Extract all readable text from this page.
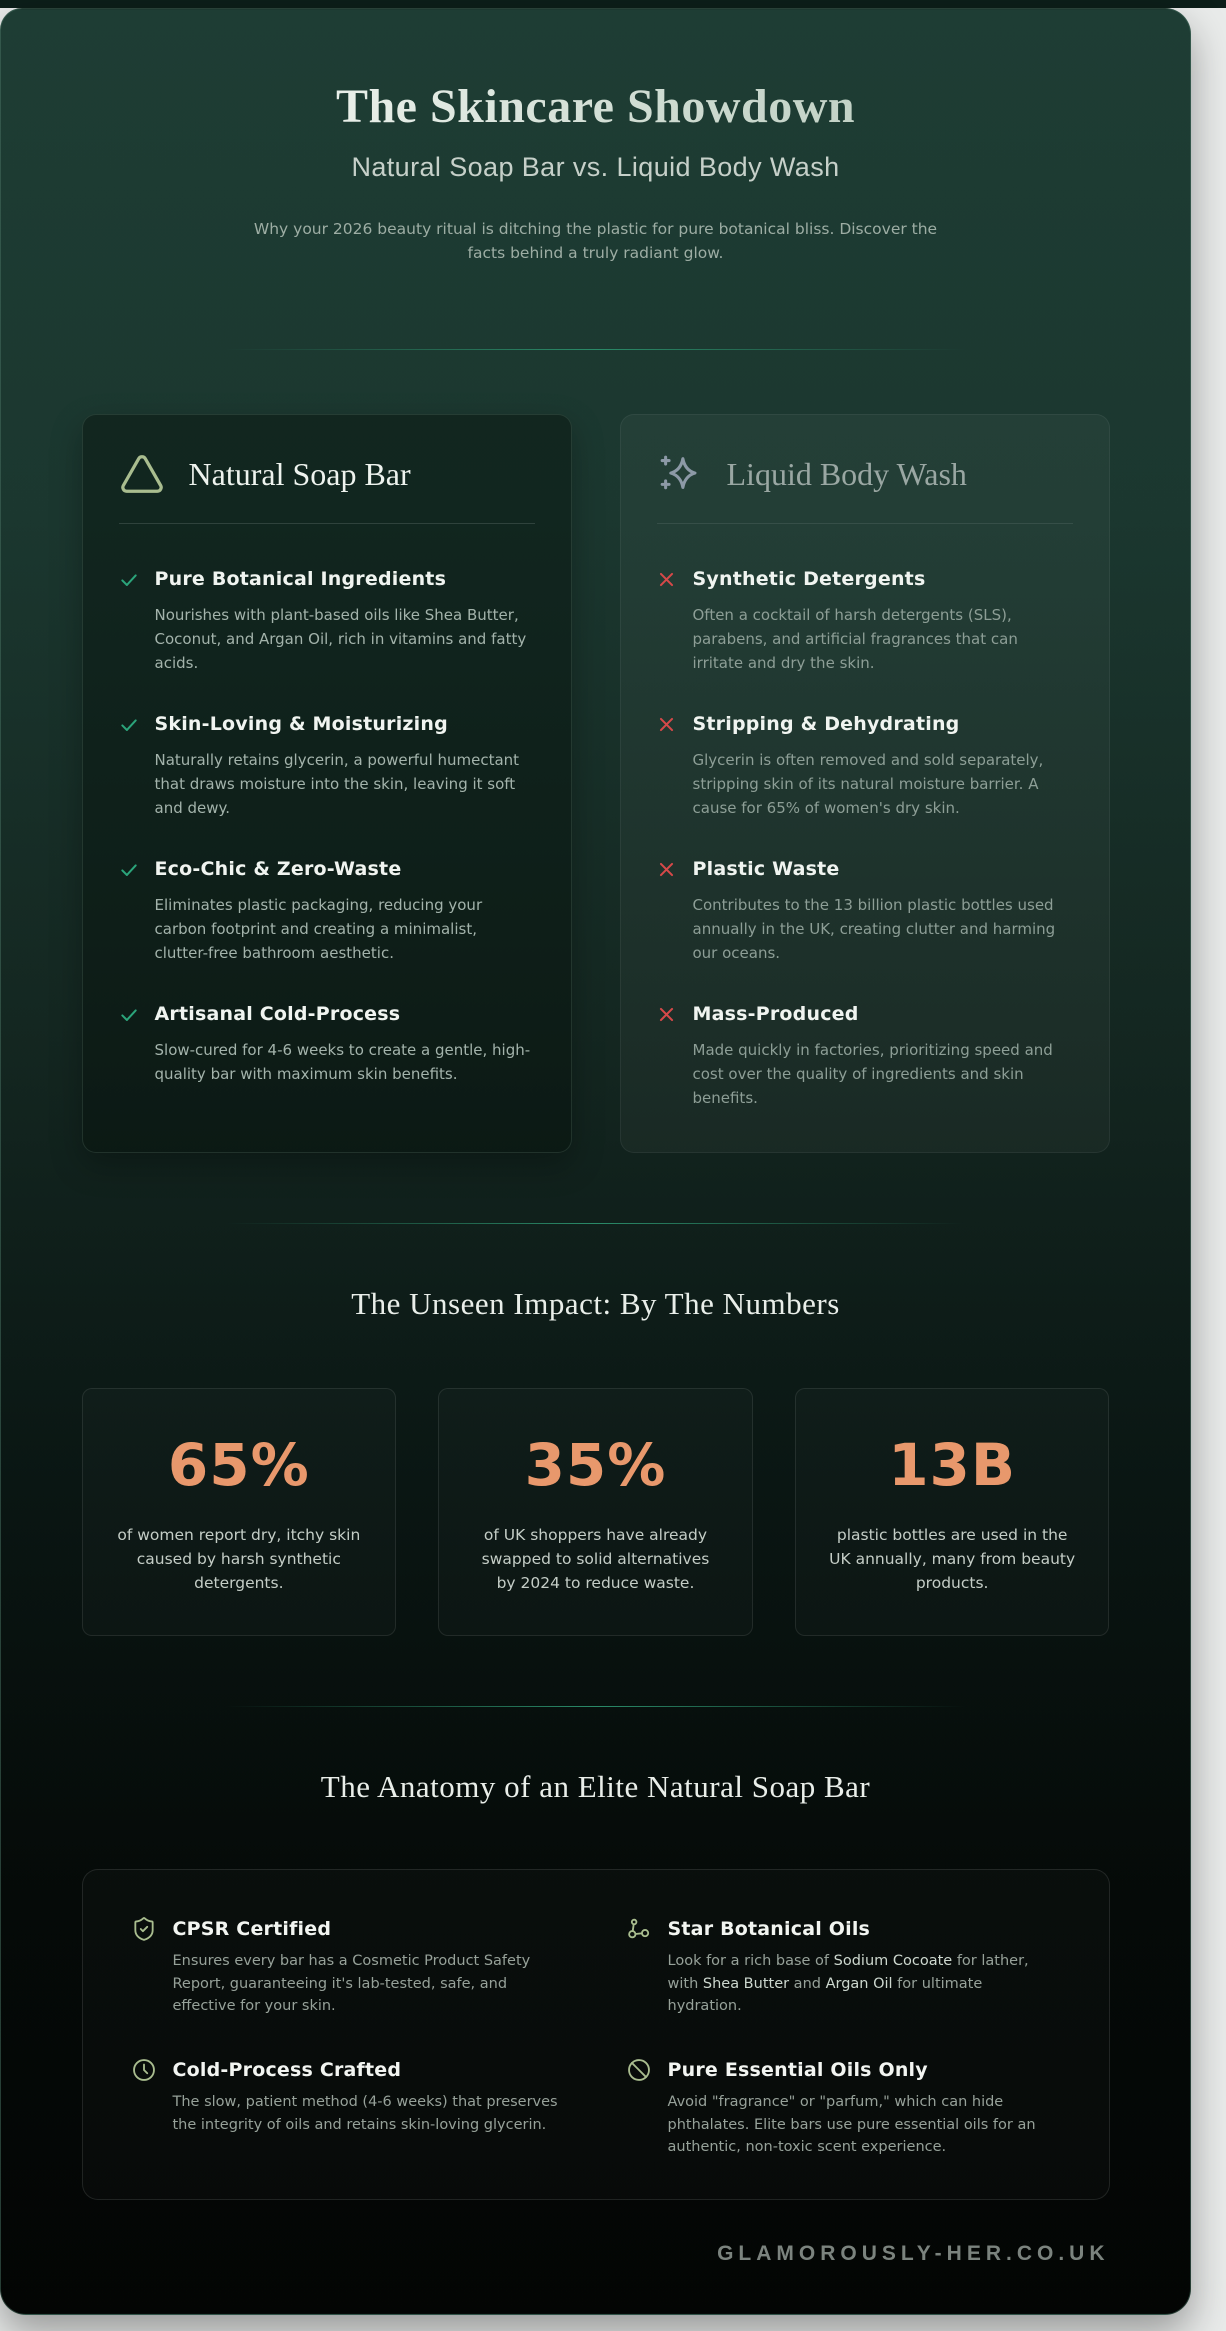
The Skincare Showdown
Natural Soap Bar vs. Liquid Body Wash

Why your 2026 beauty ritual is ditching the plastic for pure botanical bliss. Discover the facts behind a truly radiant glow.

Natural Soap Bar
Pure Botanical Ingredients
Nourishes with plant-based oils like Shea Butter, Coconut, and Argan Oil, rich in vitamins and fatty acids.
Skin-Loving & Moisturizing
Naturally retains glycerin, a powerful humectant that draws moisture into the skin, leaving it soft and dewy.
Eco-Chic & Zero-Waste
Eliminates plastic packaging, reducing your carbon footprint and creating a minimalist, clutter-free bathroom aesthetic.
Artisanal Cold-Process
Slow-cured for 4-6 weeks to create a gentle, high-quality bar with maximum skin benefits.
Liquid Body Wash
Synthetic Detergents
Often a cocktail of harsh detergents (SLS), parabens, and artificial fragrances that can irritate and dry the skin.
Stripping & Dehydrating
Glycerin is often removed and sold separately, stripping skin of its natural moisture barrier. A cause for 65% of women's dry skin.
Plastic Waste
Contributes to the 13 billion plastic bottles used annually in the UK, creating clutter and harming our oceans.
Mass-Produced
Made quickly in factories, prioritizing speed and cost over the quality of ingredients and skin benefits.
The Unseen Impact: By The Numbers
65%
of women report dry, itchy skin caused by harsh synthetic detergents.
35%
of UK shoppers have already swapped to solid alternatives by 2024 to reduce waste.
13B
plastic bottles are used in the UK annually, many from beauty products.
The Anatomy of an Elite Natural Soap Bar
CPSR Certified
Ensures every bar has a Cosmetic Product Safety Report, guaranteeing it's lab-tested, safe, and effective for your skin.
Star Botanical Oils
Look for a rich base of Sodium Cocoate for lather, with Shea Butter and Argan Oil for ultimate hydration.
Cold-Process Crafted
The slow, patient method (4-6 weeks) that preserves the integrity of oils and retains skin-loving glycerin.
Pure Essential Oils Only
Avoid "fragrance" or "parfum," which can hide phthalates. Elite bars use pure essential oils for an authentic, non-toxic scent experience.
GLAMOROUSLY-HER.CO.UK
